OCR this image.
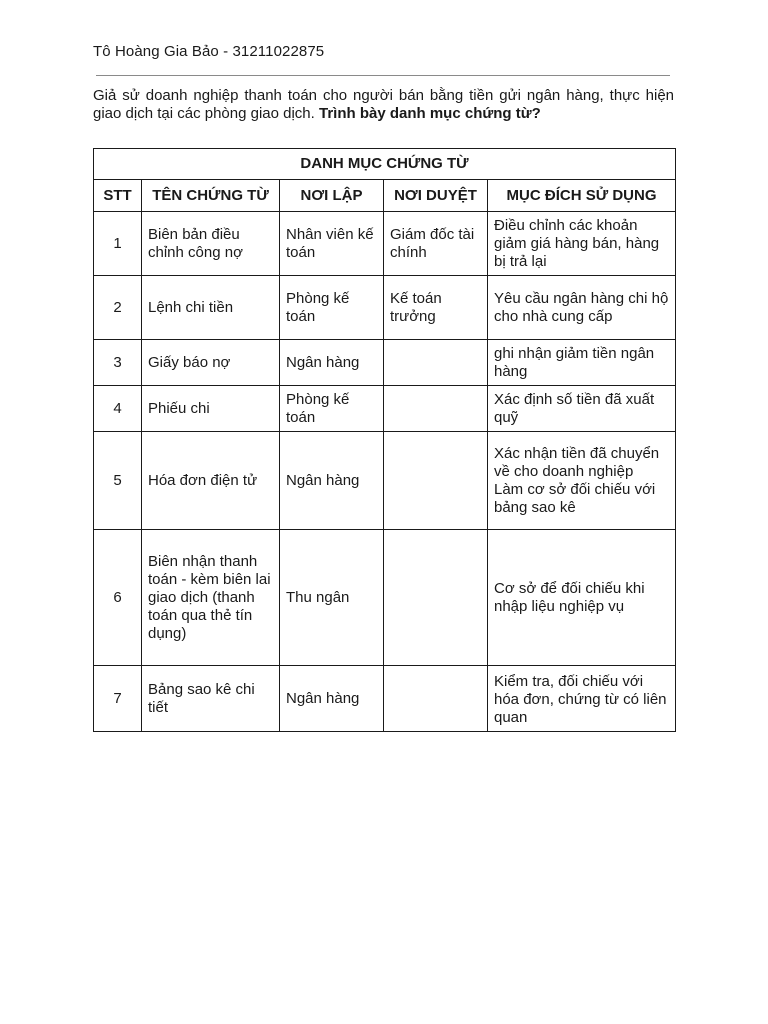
Tô Hoàng Gia Bảo - 31211022875
Giả sử doanh nghiệp thanh toán cho người bán bằng tiền gửi ngân hàng, thực hiện giao dịch tại các phòng giao dịch. Trình bày danh mục chứng từ?
DANH MỤC CHỨNG TỪ				
STT	TÊN CHỨNG TỪ	NƠI LẬP	NƠI DUYỆT	MỤC ĐÍCH SỬ DỤNG
1	Biên bản điều chỉnh công nợ	Nhân viên kế toán	Giám đốc tài chính	Điều chỉnh các khoản giảm giá hàng bán, hàng bị trả lại
2	Lệnh chi tiền	Phòng kế toán	Kế toán trưởng	Yêu cầu ngân hàng chi hộ cho nhà cung cấp
3	Giấy báo nợ	Ngân hàng		ghi nhận giảm tiền ngân hàng
4	Phiếu chi	Phòng kế toán		Xác định số tiền đã xuất quỹ
5	Hóa đơn điện tử	Ngân hàng		Xác nhận tiền đã chuyển về cho doanh nghiệp
Làm cơ sở đối chiếu với bảng sao kê
6	Biên nhận thanh toán - kèm biên lai giao dịch (thanh toán qua thẻ tín dụng)	Thu ngân		Cơ sở để đối chiếu khi nhập liệu nghiệp vụ
7	Bảng sao kê chi tiết	Ngân hàng		Kiểm tra, đối chiếu với hóa đơn, chứng từ có liên quan
